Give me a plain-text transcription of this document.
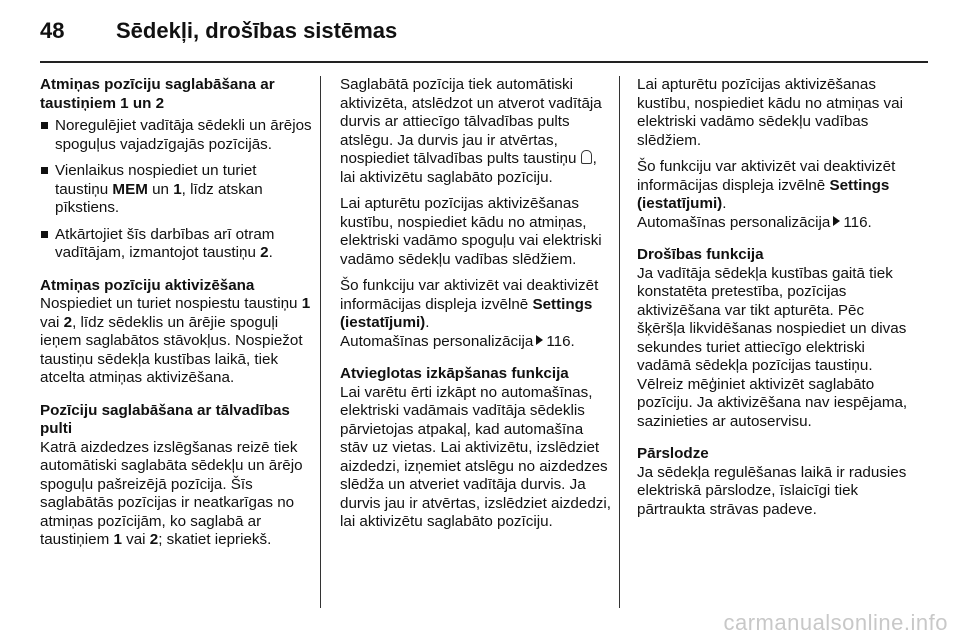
48 Sēdekļi, drošības sistēmas

Atmiņas pozīciju saglabāšana ar taustiņiem 1 un 2

Noregulējiet vadītāja sēdekli un ārējos spoguļus vajadzīgajās pozīcijās.
Vienlaikus nospiediet un turiet taustiņu MEM un 1, līdz atskan pīkstiens.
Atkārtojiet šīs darbības arī otram vadītājam, izmantojot taustiņu 2.

Atmiņas pozīciju aktivizēšana

Nospiediet un turiet nospiestu taustiņu 1 vai 2, līdz sēdeklis un ārējie spoguļi ieņem saglabātos stāvokļus. Nospiežot taustiņu sēdekļa kustības laikā, tiek atcelta atmiņas aktivizēšana.

Pozīciju saglabāšana ar tālvadības pulti

Katrā aizdedzes izslēgšanas reizē tiek automātiski saglabāta sēdekļu un ārējo spoguļu pašreizējā pozīcija. Šīs saglabātās pozīcijas ir neatkarīgas no atmiņas pozīcijām, ko saglabā ar taustiņiem 1 vai 2; skatiet iepriekš.

Saglabātā pozīcija tiek automātiski aktivizēta, atslēdzot un atverot vadītāja durvis ar attiecīgo tālvadības pults atslēgu. Ja durvis jau ir atvērtas, nospiediet tālvadības pults taustiņu , lai aktivizētu saglabāto pozīciju.

Lai apturētu pozīcijas aktivizēšanas kustību, nospiediet kādu no atmiņas, elektriski vadāmo spoguļu vai elektriski vadāmo sēdekļu vadības slēdžiem.

Šo funkciju var aktivizēt vai deaktivizēt informācijas displeja izvēlnē Settings (iestatījumi).
Automašīnas personalizācija 116.

Atvieglotas izkāpšanas funkcija

Lai varētu ērti izkāpt no automašīnas, elektriski vadāmais vadītāja sēdeklis pārvietojas atpakaļ, kad automašīna stāv uz vietas. Lai aktivizētu, izslēdziet aizdedzi, izņemiet atslēgu no aizdedzes slēdža un atveriet vadītāja durvis. Ja durvis jau ir atvērtas, izslēdziet aizdedzi, lai aktivizētu saglabāto pozīciju.

Lai apturētu pozīcijas aktivizēšanas kustību, nospiediet kādu no atmiņas vai elektriski vadāmo sēdekļu vadības slēdžiem.

Šo funkciju var aktivizēt vai deaktivizēt informācijas displeja izvēlnē Settings (iestatījumi).
Automašīnas personalizācija 116.

Drošības funkcija

Ja vadītāja sēdekļa kustības gaitā tiek konstatēta pretestība, pozīcijas aktivizēšana var tikt apturēta. Pēc šķēršļa likvidēšanas nospiediet un divas sekundes turiet attiecīgo elektriski vadāmā sēdekļa pozīcijas taustiņu. Vēlreiz mēģiniet aktivizēt saglabāto pozīciju. Ja aktivizēšana nav iespējama, sazinieties ar autoservisu.

Pārslodze

Ja sēdekļa regulēšanas laikā ir radusies elektriskā pārslodze, īslaicīgi tiek pārtraukta strāvas padeve.

carmanualsonline.info
